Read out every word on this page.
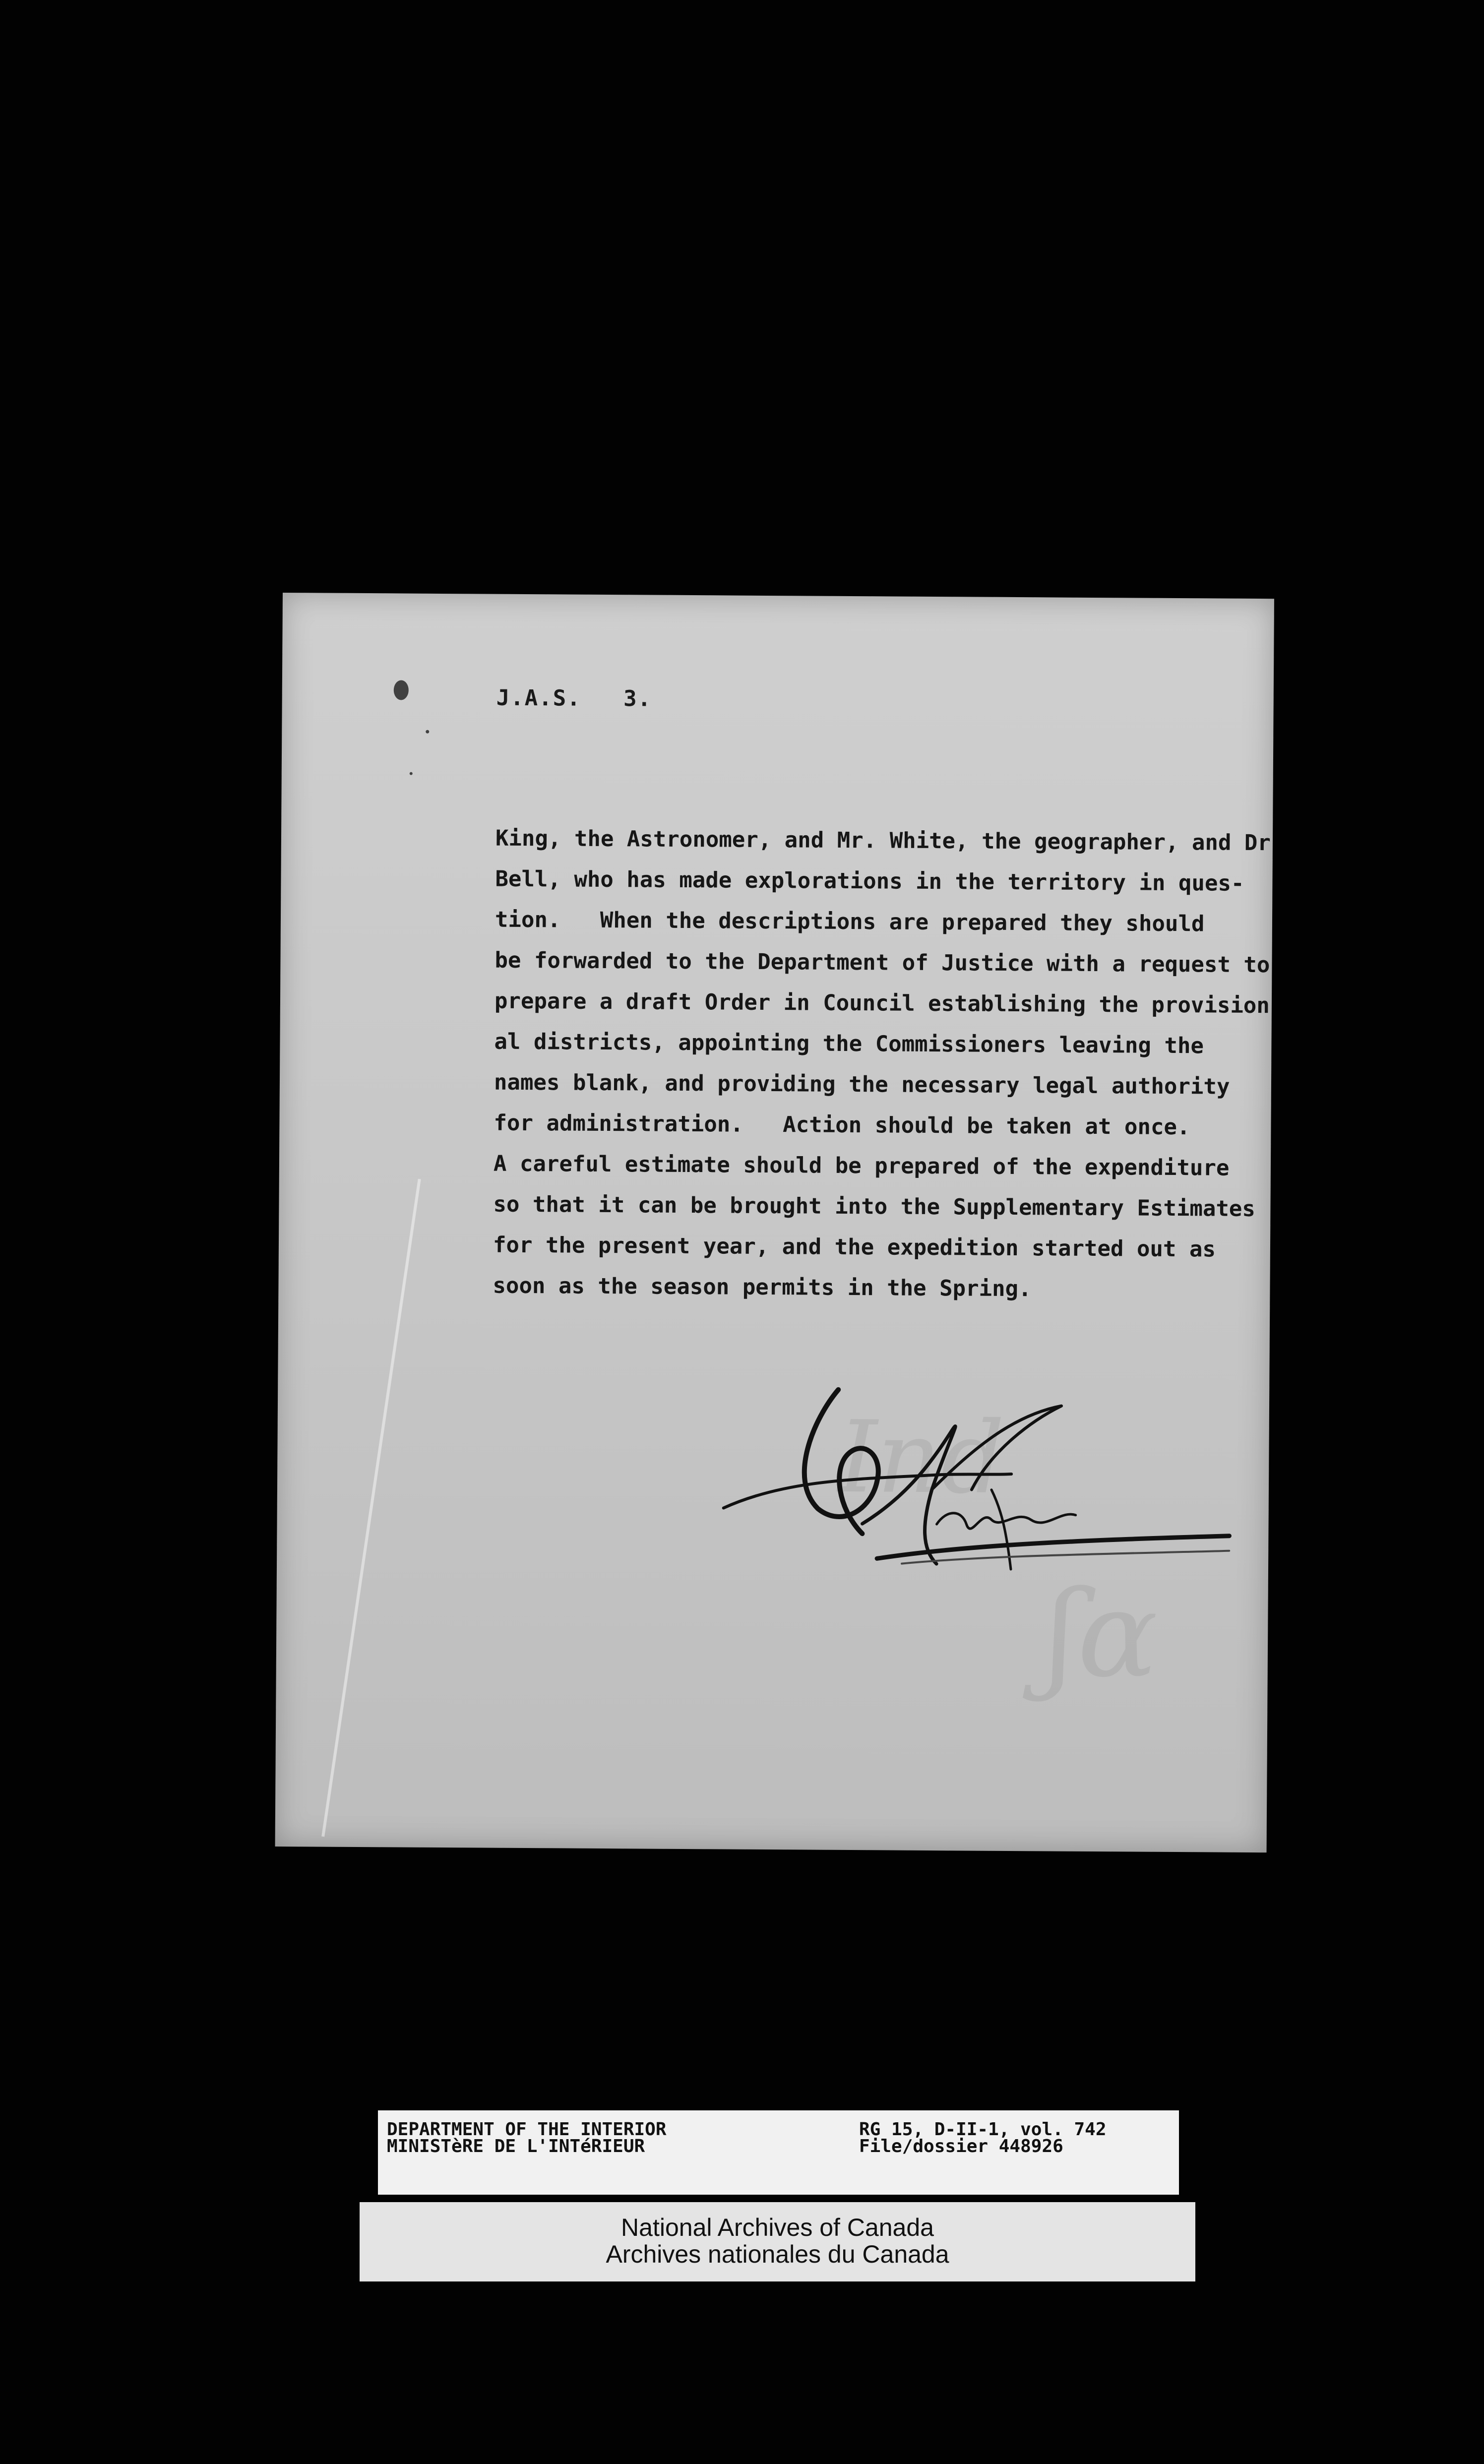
Ind
ʃɑ
J.A.S.   3.
King, the Astronomer, and Mr. White, the geographer, and Dr
Bell, who has made explorations in the territory in ques-
tion.   When the descriptions are prepared they should
be forwarded to the Department of Justice with a request to
prepare a draft Order in Council establishing the provision
al districts, appointing the Commissioners leaving the
names blank, and providing the necessary legal authority
for administration.   Action should be taken at once.
A careful estimate should be prepared of the expenditure
so that it can be brought into the Supplementary Estimates
for the present year, and the expedition started out as
soon as the season permits in the Spring.
DEPARTMENT OF THE INTERIOR
MINISTèRE DE L'INTéRIEUR
RG 15, D-II-1, vol. 742
File/dossier 448926
National Archives of Canada
Archives nationales du Canada
